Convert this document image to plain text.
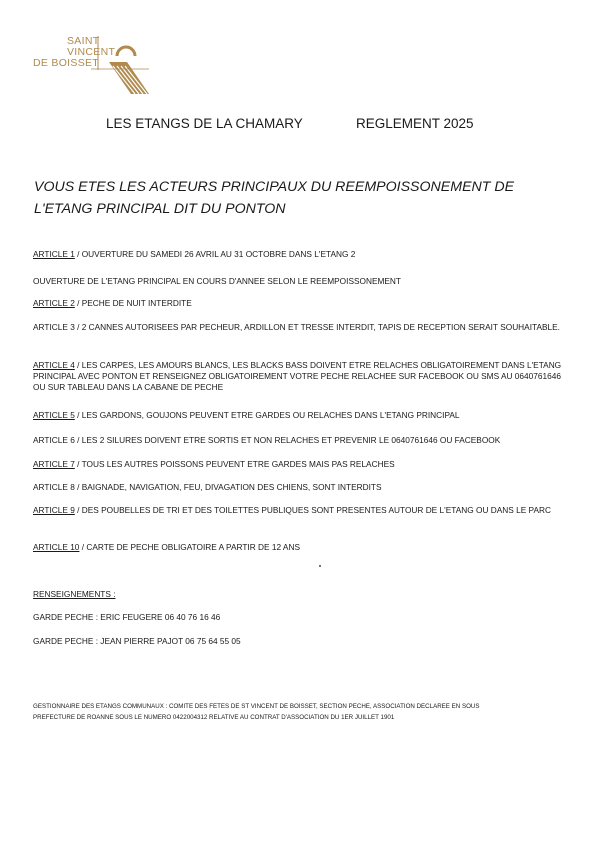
SAINT
VINCENT
DE BOISSET
LES ETANGS DE LA CHAMARY	REGLEMENT 2025
VOUS ETES LES ACTEURS PRINCIPAUX DU REEMPOISSONEMENT DE
L'ETANG PRINCIPAL DIT DU PONTON
ARTICLE 1 / OUVERTURE DU SAMEDI 26 AVRIL AU 31 OCTOBRE DANS L'ETANG 2
OUVERTURE DE L'ETANG PRINCIPAL EN COURS D'ANNEE SELON LE REEMPOISSONEMENT
ARTICLE 2 / PECHE DE NUIT INTERDITE
ARTICLE 3 / 2 CANNES AUTORISEES PAR PECHEUR, ARDILLON ET TRESSE INTERDIT, TAPIS DE RECEPTION SERAIT SOUHAITABLE.
ARTICLE 4 / LES CARPES, LES AMOURS BLANCS, LES BLACKS BASS DOIVENT ETRE RELACHES OBLIGATOIREMENT DANS L'ETANG PRINCIPAL AVEC PONTON ET RENSEIGNEZ OBLIGATOIREMENT VOTRE PECHE RELACHEE SUR FACEBOOK OU SMS AU 0640761646 OU SUR TABLEAU DANS LA CABANE DE PECHE
ARTICLE 5 / LES GARDONS, GOUJONS PEUVENT ETRE GARDES OU RELACHES DANS L'ETANG PRINCIPAL
ARTICLE 6 / LES 2 SILURES DOIVENT ETRE SORTIS ET NON RELACHES ET PREVENIR LE 0640761646 OU FACEBOOK
ARTICLE 7 / TOUS LES AUTRES POISSONS PEUVENT ETRE GARDES MAIS PAS RELACHES
ARTICLE 8 / BAIGNADE, NAVIGATION, FEU, DIVAGATION DES CHIENS, SONT INTERDITS
ARTICLE 9 / DES POUBELLES DE TRI ET DES TOILETTES PUBLIQUES SONT PRESENTES AUTOUR DE L'ETANG OU DANS LE PARC
ARTICLE 10 / CARTE DE PECHE OBLIGATOIRE A PARTIR DE 12 ANS
RENSEIGNEMENTS :
GARDE PECHE : ERIC FEUGERE 06 40 76 16 46
GARDE PECHE : JEAN PIERRE PAJOT 06 75 64 55 05
GESTIONNAIRE DES ETANGS COMMUNAUX : COMITE DES FETES DE ST VINCENT DE BOISSET, SECTION PECHE, ASSOCIATION DECLAREE EN SOUS
PREFECTURE DE ROANNE SOUS LE NUMERO 0422004312 RELATIVE AU CONTRAT D'ASSOCIATION DU 1ER JUILLET 1901
